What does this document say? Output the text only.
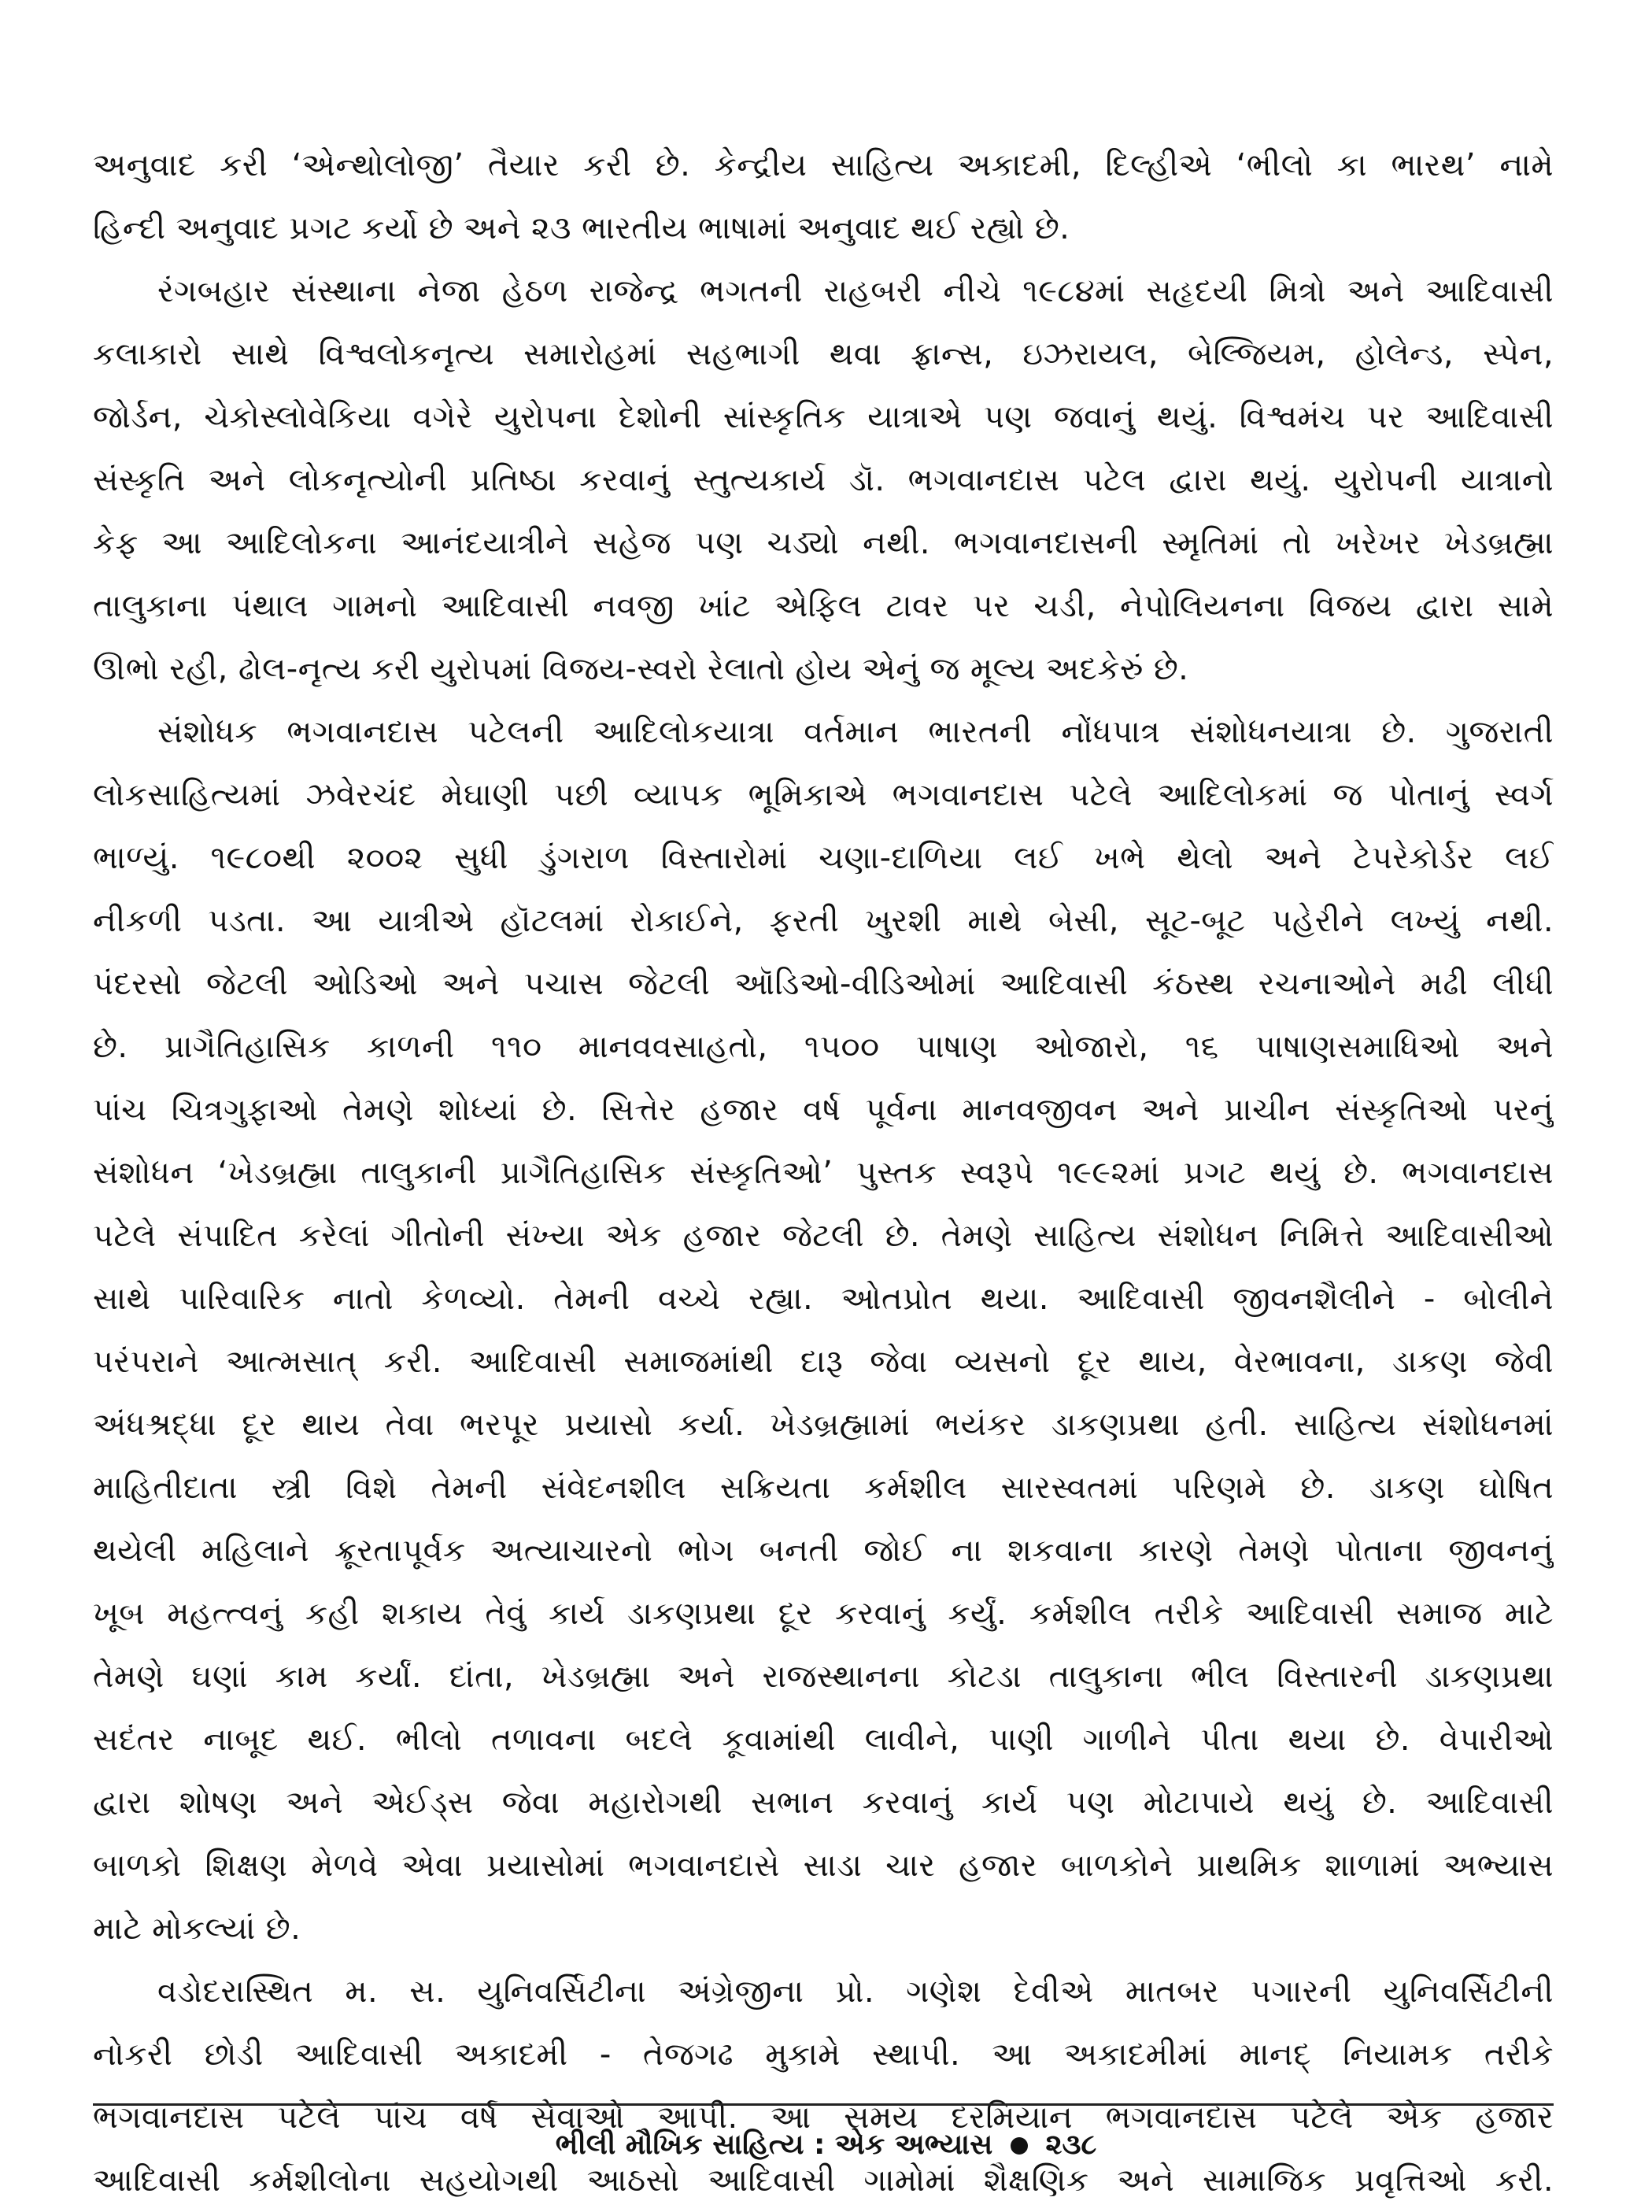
અનુવાદ કરી ‘એન્થોલોજી’ તૈયાર કરી છે. કેન્દ્રીય સાહિત્ય અકાદમી, દિલ્હીએ ‘ભીલો કા ભારથ’ નામે
હિન્દી અનુવાદ પ્રગટ કર્યો છે અને ૨૩ ભારતીય ભાષામાં અનુવાદ થઈ રહ્યો છે.
રંગબહાર સંસ્થાના નેજા હેઠળ રાજેન્દ્ર ભગતની રાહબરી નીચે ૧૯૮૪માં સહૃદયી મિત્રો અને આદિવાસી
કલાકારો સાથે વિશ્વલોકનૃત્ય સમારોહમાં સહભાગી થવા ફ્રાન્સ, ઇઝરાયલ, બેલ્જિયમ, હોલેન્ડ, સ્પેન,
જોર્ડન, ચેકોસ્લોવેકિયા વગેરે યુરોપના દેશોની સાંસ્કૃતિક યાત્રાએ પણ જવાનું થયું. વિશ્વમંચ પર આદિવાસી
સંસ્કૃતિ અને લોકનૃત્યોની પ્રતિષ્ઠા કરવાનું સ્તુત્યકાર્ય ડૉ. ભગવાનદાસ પટેલ દ્વારા થયું. યુરોપની યાત્રાનો
કેફ આ આદિલોકના આનંદયાત્રીને સહેજ પણ ચડ્યો નથી. ભગવાનદાસની સ્મૃતિમાં તો ખરેખર ખેડબ્રહ્મા
તાલુકાના પંથાલ ગામનો આદિવાસી નવજી ખાંટ એફિલ ટાવર પર ચડી, નેપોલિયનના વિજય દ્વારા સામે
ઊભો રહી, ઢોલ-નૃત્ય કરી યુરોપમાં વિજય-સ્વરો રેલાતો હોય એનું જ મૂલ્ય અદકેરું છે.
સંશોધક ભગવાનદાસ પટેલની આદિલોકયાત્રા વર્તમાન ભારતની નોંધપાત્ર સંશોધનયાત્રા છે. ગુજરાતી
લોકસાહિત્યમાં ઝવેરચંદ મેઘાણી પછી વ્યાપક ભૂમિકાએ ભગવાનદાસ પટેલે આદિલોકમાં જ પોતાનું સ્વર્ગ
ભાળ્યું. ૧૯૮૦થી ૨૦૦૨ સુધી ડુંગરાળ વિસ્તારોમાં ચણા-દાળિયા લઈ ખભે થેલો અને ટેપરેકોર્ડર લઈ
નીકળી પડતા. આ યાત્રીએ હૉટલમાં રોકાઈને, ફરતી ખુરશી માથે બેસી, સૂટ-બૂટ પહેરીને લખ્યું નથી.
પંદરસો જેટલી ઓડિઓ અને પચાસ જેટલી ઑડિઓ-વીડિઓમાં આદિવાસી કંઠસ્થ રચનાઓને મઢી લીધી
છે. પ્રાગૈતિહાસિક કાળની ૧૧૦ માનવવસાહતો, ૧૫૦૦ પાષાણ ઓજારો, ૧૬ પાષાણસમાધિઓ અને
પાંચ ચિત્રગુફાઓ તેમણે શોધ્યાં છે. સિત્તેર હજાર વર્ષ પૂર્વના માનવજીવન અને પ્રાચીન સંસ્કૃતિઓ પરનું
સંશોધન ‘ખેડબ્રહ્મા તાલુકાની પ્રાગૈતિહાસિક સંસ્કૃતિઓ’ પુસ્તક સ્વરૂપે ૧૯૯૨માં પ્રગટ થયું છે. ભગવાનદાસ
પટેલે સંપાદિત કરેલાં ગીતોની સંખ્યા એક હજાર જેટલી છે. તેમણે સાહિત્ય સંશોધન નિમિત્તે આદિવાસીઓ
સાથે પારિવારિક નાતો કેળવ્યો. તેમની વચ્ચે રહ્યા. ઓતપ્રોત થયા. આદિવાસી જીવનશૈલીને - બોલીને
પરંપરાને આત્મસાત્ કરી. આદિવાસી સમાજમાંથી દારૂ જેવા વ્યસનો દૂર થાય, વેરભાવના, ડાકણ જેવી
અંધશ્રદ્ધા દૂર થાય તેવા ભરપૂર પ્રયાસો કર્યા. ખેડબ્રહ્મામાં ભયંકર ડાકણપ્રથા હતી. સાહિત્ય સંશોધનમાં
માહિતીદાતા સ્ત્રી વિશે તેમની સંવેદનશીલ સક્રિયતા કર્મશીલ સારસ્વતમાં પરિણમે છે. ડાકણ ઘોષિત
થયેલી મહિલાને ક્રૂરતાપૂર્વક અત્યાચારનો ભોગ બનતી જોઈ ના શકવાના કારણે તેમણે પોતાના જીવનનું
ખૂબ મહત્ત્વનું કહી શકાય તેવું કાર્ય ડાકણપ્રથા દૂર કરવાનું કર્યું. કર્મશીલ તરીકે આદિવાસી સમાજ માટે
તેમણે ઘણાં કામ કર્યાં. દાંતા, ખેડબ્રહ્મા અને રાજસ્થાનના કોટડા તાલુકાના ભીલ વિસ્તારની ડાકણપ્રથા
સદંતર નાબૂદ થઈ. ભીલો તળાવના બદલે કૂવામાંથી લાવીને, પાણી ગાળીને પીતા થયા છે. વેપારીઓ
દ્વારા શોષણ અને એઈડ્સ જેવા મહારોગથી સભાન કરવાનું કાર્ય પણ મોટાપાયે થયું છે. આદિવાસી
બાળકો શિક્ષણ મેળવે એવા પ્રયાસોમાં ભગવાનદાસે સાડા ચાર હજાર બાળકોને પ્રાથમિક શાળામાં અભ્યાસ
માટે મોકલ્યાં છે.
વડોદરાસ્થિત મ. સ. યુનિવર્સિટીના અંગ્રેજીના પ્રો. ગણેશ દેવીએ માતબર પગારની યુનિવર્સિટીની
નોકરી છોડી આદિવાસી અકાદમી - તેજગઢ મુકામે સ્થાપી. આ અકાદમીમાં માનદ્ નિયામક તરીકે
ભગવાનદાસ પટેલે પાંચ વર્ષ સેવાઓ આપી. આ સમય દરમિયાન ભગવાનદાસ પટેલે એક હજાર
આદિવાસી કર્મશીલોના સહયોગથી આઠસો આદિવાસી ગામોમાં શૈક્ષણિક અને સામાજિક પ્રવૃત્તિઓ કરી.
ભીલી મૌખિક સાહિત્ય : એક અભ્યાસ ૨૩૮
